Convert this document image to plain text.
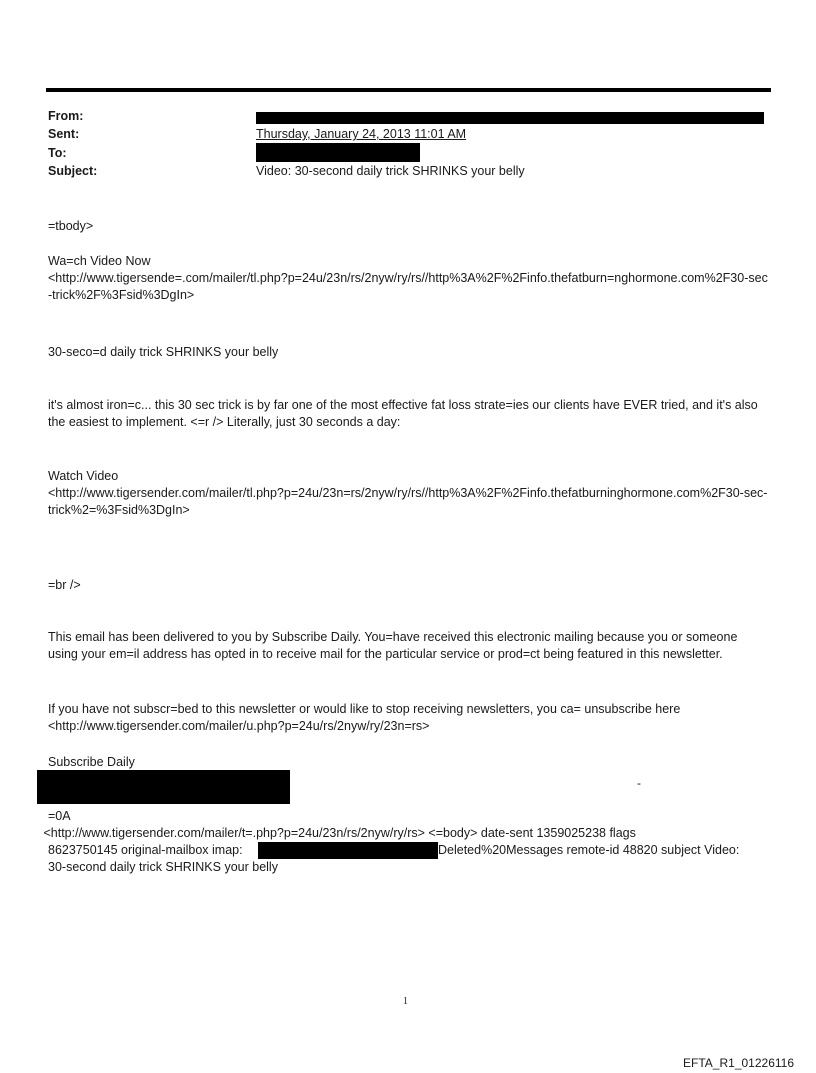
From:
Sent:	Thursday, January 24, 2013 11:01 AM
To:
Subject:	Video: 30-second daily trick SHRINKS your belly
=tbody>
Wa=ch Video Now
<http://www.tigersende=.com/mailer/tl.php?p=24u/23n/rs/2nyw/ry/rs//http%3A%2F%2Finfo.thefatburn=nghormone.com%2F30-sec-trick%2F%3Fsid%3DgIn>
30-seco=d daily trick SHRINKS your belly
it's almost iron=c... this 30 sec trick is by far one of the most effective fat loss strate=ies our clients have EVER tried, and it's also the easiest to implement. <=r /> Literally, just 30 seconds a day:
Watch Video
<http://www.tigersender.com/mailer/tl.php?p=24u/23n=rs/2nyw/ry/rs//http%3A%2F%2Finfo.thefatburninghormone.com%2F30-sec-trick%2=%3Fsid%3DgIn>
=br />
This email has been delivered to you by Subscribe Daily. You=have received this electronic mailing because you or someone using your em=il address has opted in to receive mail for the particular service or prod=ct being featured in this newsletter.
If you have not subscr=bed to this newsletter or would like to stop receiving newsletters, you ca= unsubscribe here
<http://www.tigersender.com/mailer/u.php?p=24u/rs/2nyw/ry/23n=rs>
Subscribe Daily
-
=0A
<http://www.tigersender.com/mailer/t=.php?p=24u/23n/rs/2nyw/ry/rs> <=body> date-sent 1359025238 flags
8623750145 original-mailbox imap:	Deleted%20Messages remote-id 48820 subject Video:
30-second daily trick SHRINKS your belly
1
EFTA_R1_01226116
